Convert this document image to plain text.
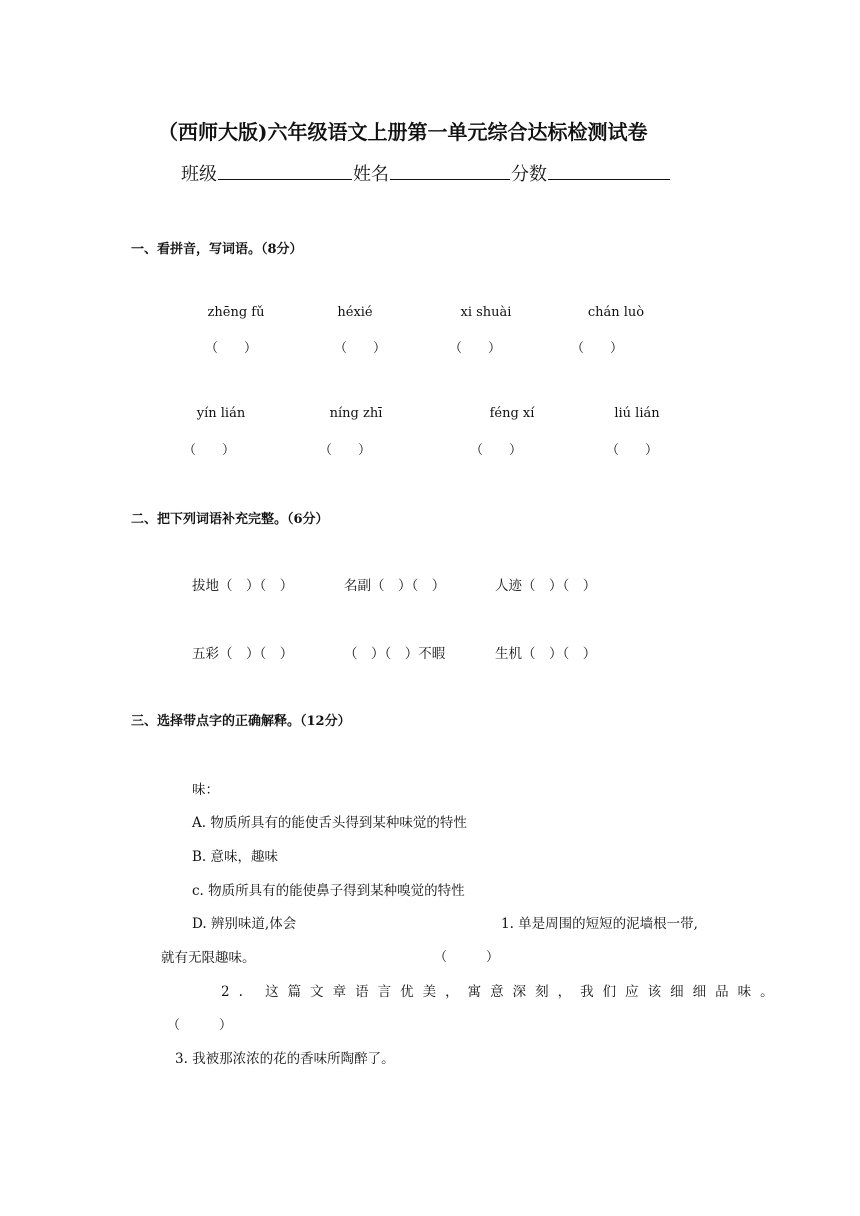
（西师大版)六年级语文上册第一单元综合达标检测试卷
班级	姓名	分数
一、看拼音，写词语。（8分）
zhēng fǔ	héxié	xi shuài	chán luò
（　　）	（　　）	（　　）	（　　）
yín lián	níng zhī	féng xí	liú lián
（　　）	（　　）	（　　）	（　　）
二、把下列词语补充完整。（6分）
拔地（　）（　）	名副（　）（　）	人迹（　）（　）
五彩（　）（　）	（　）（　）不暇	生机（　）（　）
三、选择带点字的正确解释。（12分）
味：
A. 物质所具有的能使舌头得到某种味觉的特性
B. 意味，趣味
c. 物质所具有的能使鼻子得到某种嗅觉的特性
D. 辨别味道,体会	1. 单是周围的短短的泥墙根一带,
就有无限趣味。	（　　　）
2. 这篇文章语言优美，寓意深刻，我们应该细细品味。
（　　　）
3. 我被那浓浓的花的香味所陶醉了。
